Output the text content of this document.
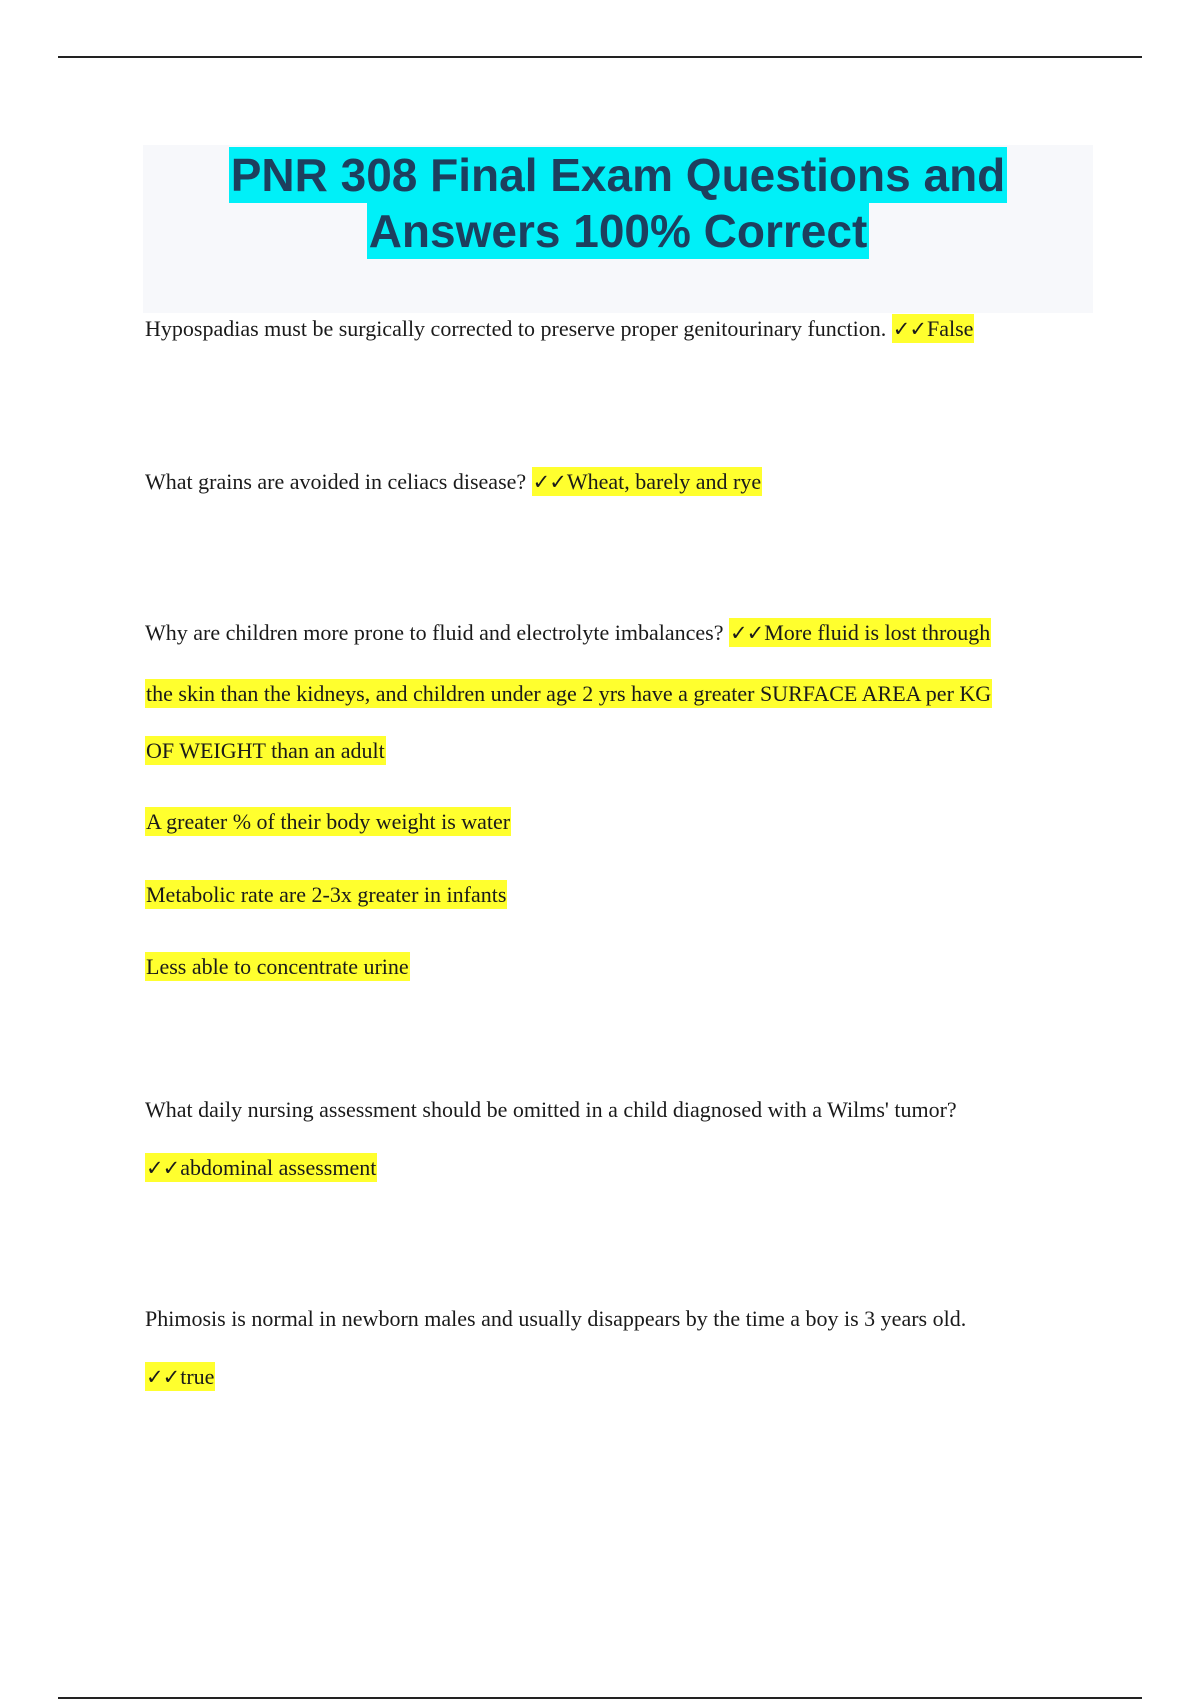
PNR 308 Final Exam Questions and
Answers 100% Correct
Hypospadias must be surgically corrected to preserve proper genitourinary function. ✓✓False
What grains are avoided in celiacs disease? ✓✓Wheat, barely and rye
Why are children more prone to fluid and electrolyte imbalances? ✓✓More fluid is lost through
the skin than the kidneys, and children under age 2 yrs have a greater SURFACE AREA per KG
OF WEIGHT than an adult
A greater % of their body weight is water
Metabolic rate are 2-3x greater in infants
Less able to concentrate urine
What daily nursing assessment should be omitted in a child diagnosed with a Wilms' tumor?
✓✓abdominal assessment
Phimosis is normal in newborn males and usually disappears by the time a boy is 3 years old.
✓✓true
